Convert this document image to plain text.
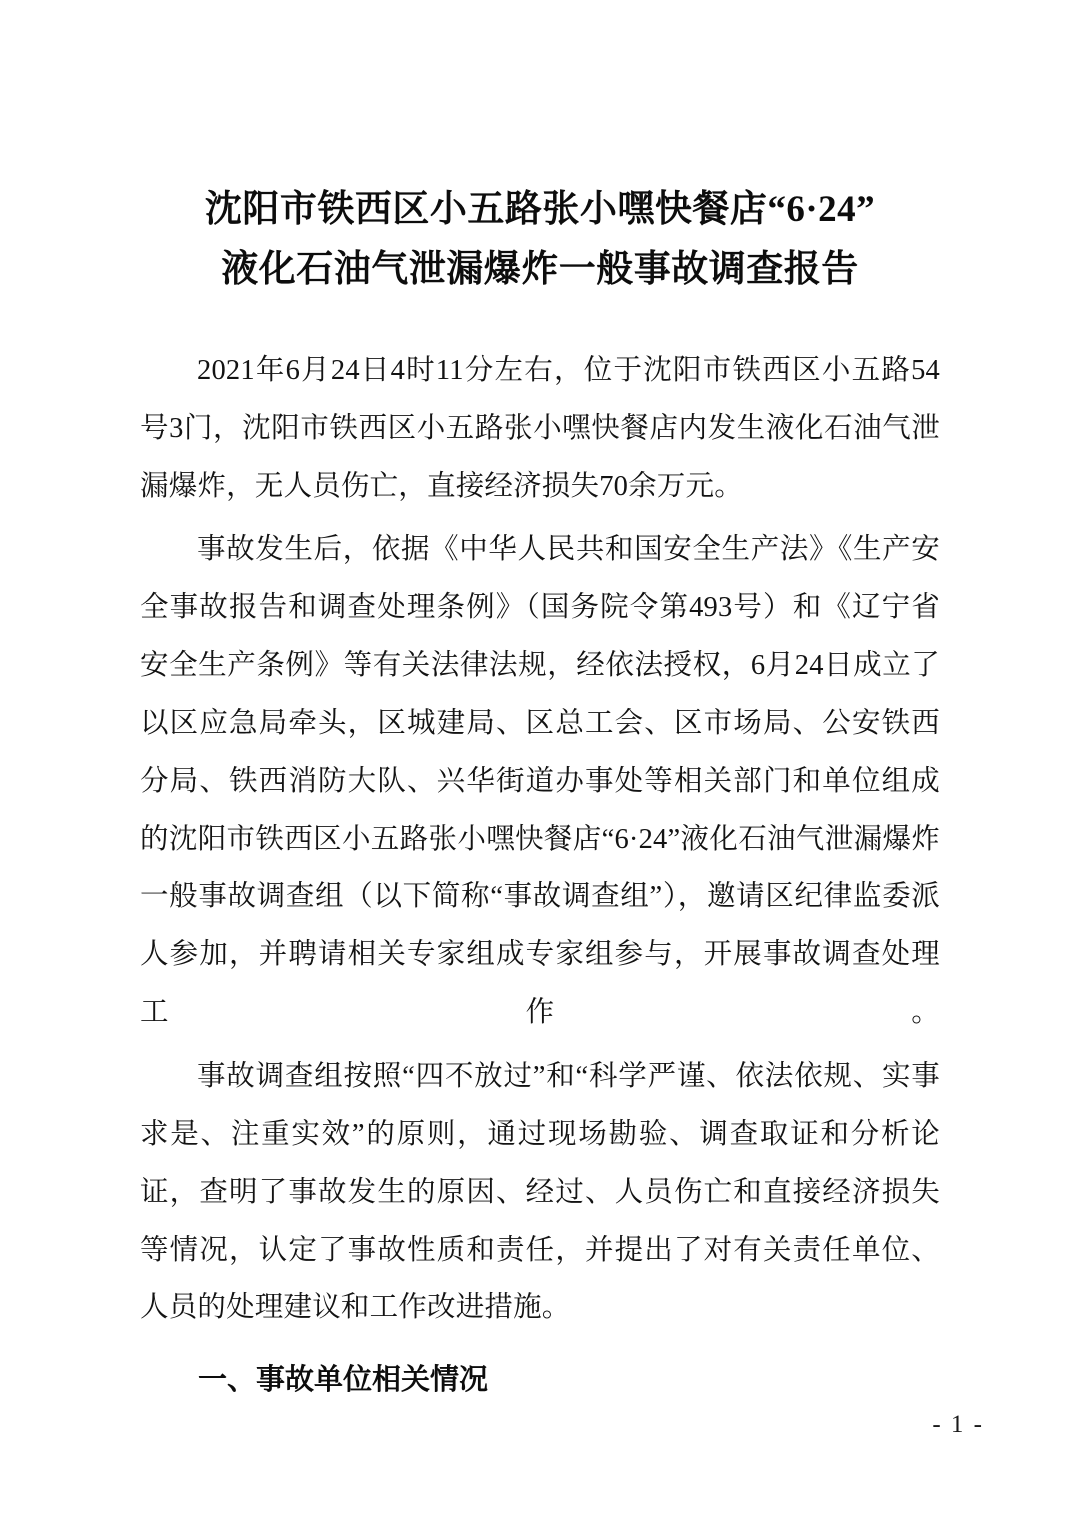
沈阳市铁西区小五路张小嘿快餐店“6·24”
液化石油气泄漏爆炸一般事故调查报告

2021年6月24日4时11分左右，位于沈阳市铁西区小五路54号3门，沈阳市铁西区小五路张小嘿快餐店内发生液化石油气泄漏爆炸，无人员伤亡，直接经济损失70余万元。

事故发生后，依据《中华人民共和国安全生产法》《生产安全事故报告和调查处理条例》（国务院令第493号）和《辽宁省安全生产条例》等有关法律法规，经依法授权，6月24日成立了以区应急局牵头，区城建局、区总工会、区市场局、公安铁西分局、铁西消防大队、兴华街道办事处等相关部门和单位组成的沈阳市铁西区小五路张小嘿快餐店“6·24”液化石油气泄漏爆炸一般事故调查组（以下简称“事故调查组”），邀请区纪律监委派人参加，并聘请相关专家组成专家组参与，开展事故调查处理工作。

事故调查组按照“四不放过”和“科学严谨、依法依规、实事求是、注重实效”的原则，通过现场勘验、调查取证和分析论证，查明了事故发生的原因、经过、人员伤亡和直接经济损失等情况，认定了事故性质和责任，并提出了对有关责任单位、人员的处理建议和工作改进措施。

一、事故单位相关情况
- 1 -
